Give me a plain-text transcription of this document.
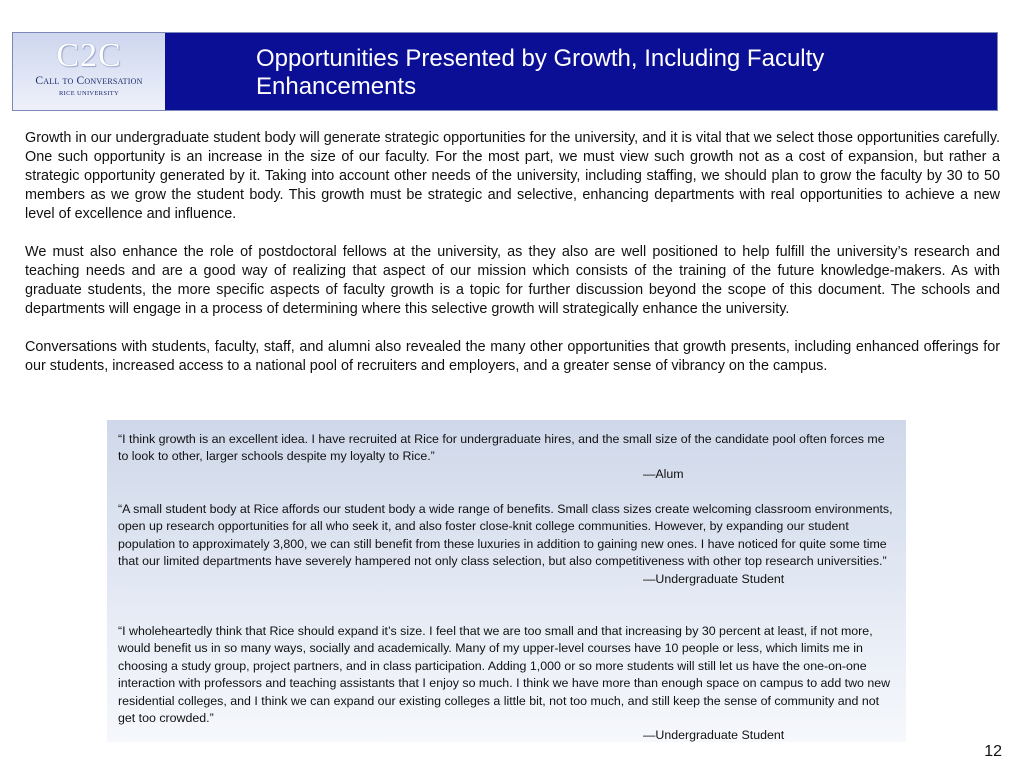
C2C
Call to Conversation
RICE UNIVERSITY
Opportunities Presented by Growth, Including Faculty Enhancements

Growth in our undergraduate student body will generate strategic opportunities for the university, and it is vital that we select those opportunities carefully. One such opportunity is an increase in the size of our faculty. For the most part, we must view such growth not as a cost of expansion, but rather a strategic opportunity generated by it. Taking into account other needs of the university, including staffing, we should plan to grow the faculty by 30 to 50 members as we grow the student body. This growth must be strategic and selective, enhancing departments with real opportunities to achieve a new level of excellence and influence.

We must also enhance the role of postdoctoral fellows at the university, as they also are well positioned to help fulfill the university’s research and teaching needs and are a good way of realizing that aspect of our mission which consists of the training of the future knowledge-makers. As with graduate students, the more specific aspects of faculty growth is a topic for further discussion beyond the scope of this document. The schools and departments will engage in a process of determining where this selective growth will strategically enhance the university.

Conversations with students, faculty, staff, and alumni also revealed the many other opportunities that growth presents, including enhanced offerings for our students, increased access to a national pool of recruiters and employers, and a greater sense of vibrancy on the campus.

“I think growth is an excellent idea. I have recruited at Rice for undergraduate hires, and the small size of the candidate pool often forces me to look to other, larger schools despite my loyalty to Rice.”
—Alum
“A small student body at Rice affords our student body a wide range of benefits. Small class sizes create welcoming classroom environments, open up research opportunities for all who seek it, and also foster close-knit college communities. However, by expanding our student population to approximately 3,800, we can still benefit from these luxuries in addition to gaining new ones. I have noticed for quite some time that our limited departments have severely hampered not only class selection, but also competitiveness with other top research universities.”
—Undergraduate Student
“I wholeheartedly think that Rice should expand it’s size. I feel that we are too small and that increasing by 30 percent at least, if not more, would benefit us in so many ways, socially and academically. Many of my upper-level courses have 10 people or less, which limits me in choosing a study group, project partners, and in class participation. Adding 1,000 or so more students will still let us have the one-on-one interaction with professors and teaching assistants that I enjoy so much. I think we have more than enough space on campus to add two new residential colleges, and I think we can expand our existing colleges a little bit, not too much, and still keep the sense of community and not get too crowded.”
—Undergraduate Student
12
